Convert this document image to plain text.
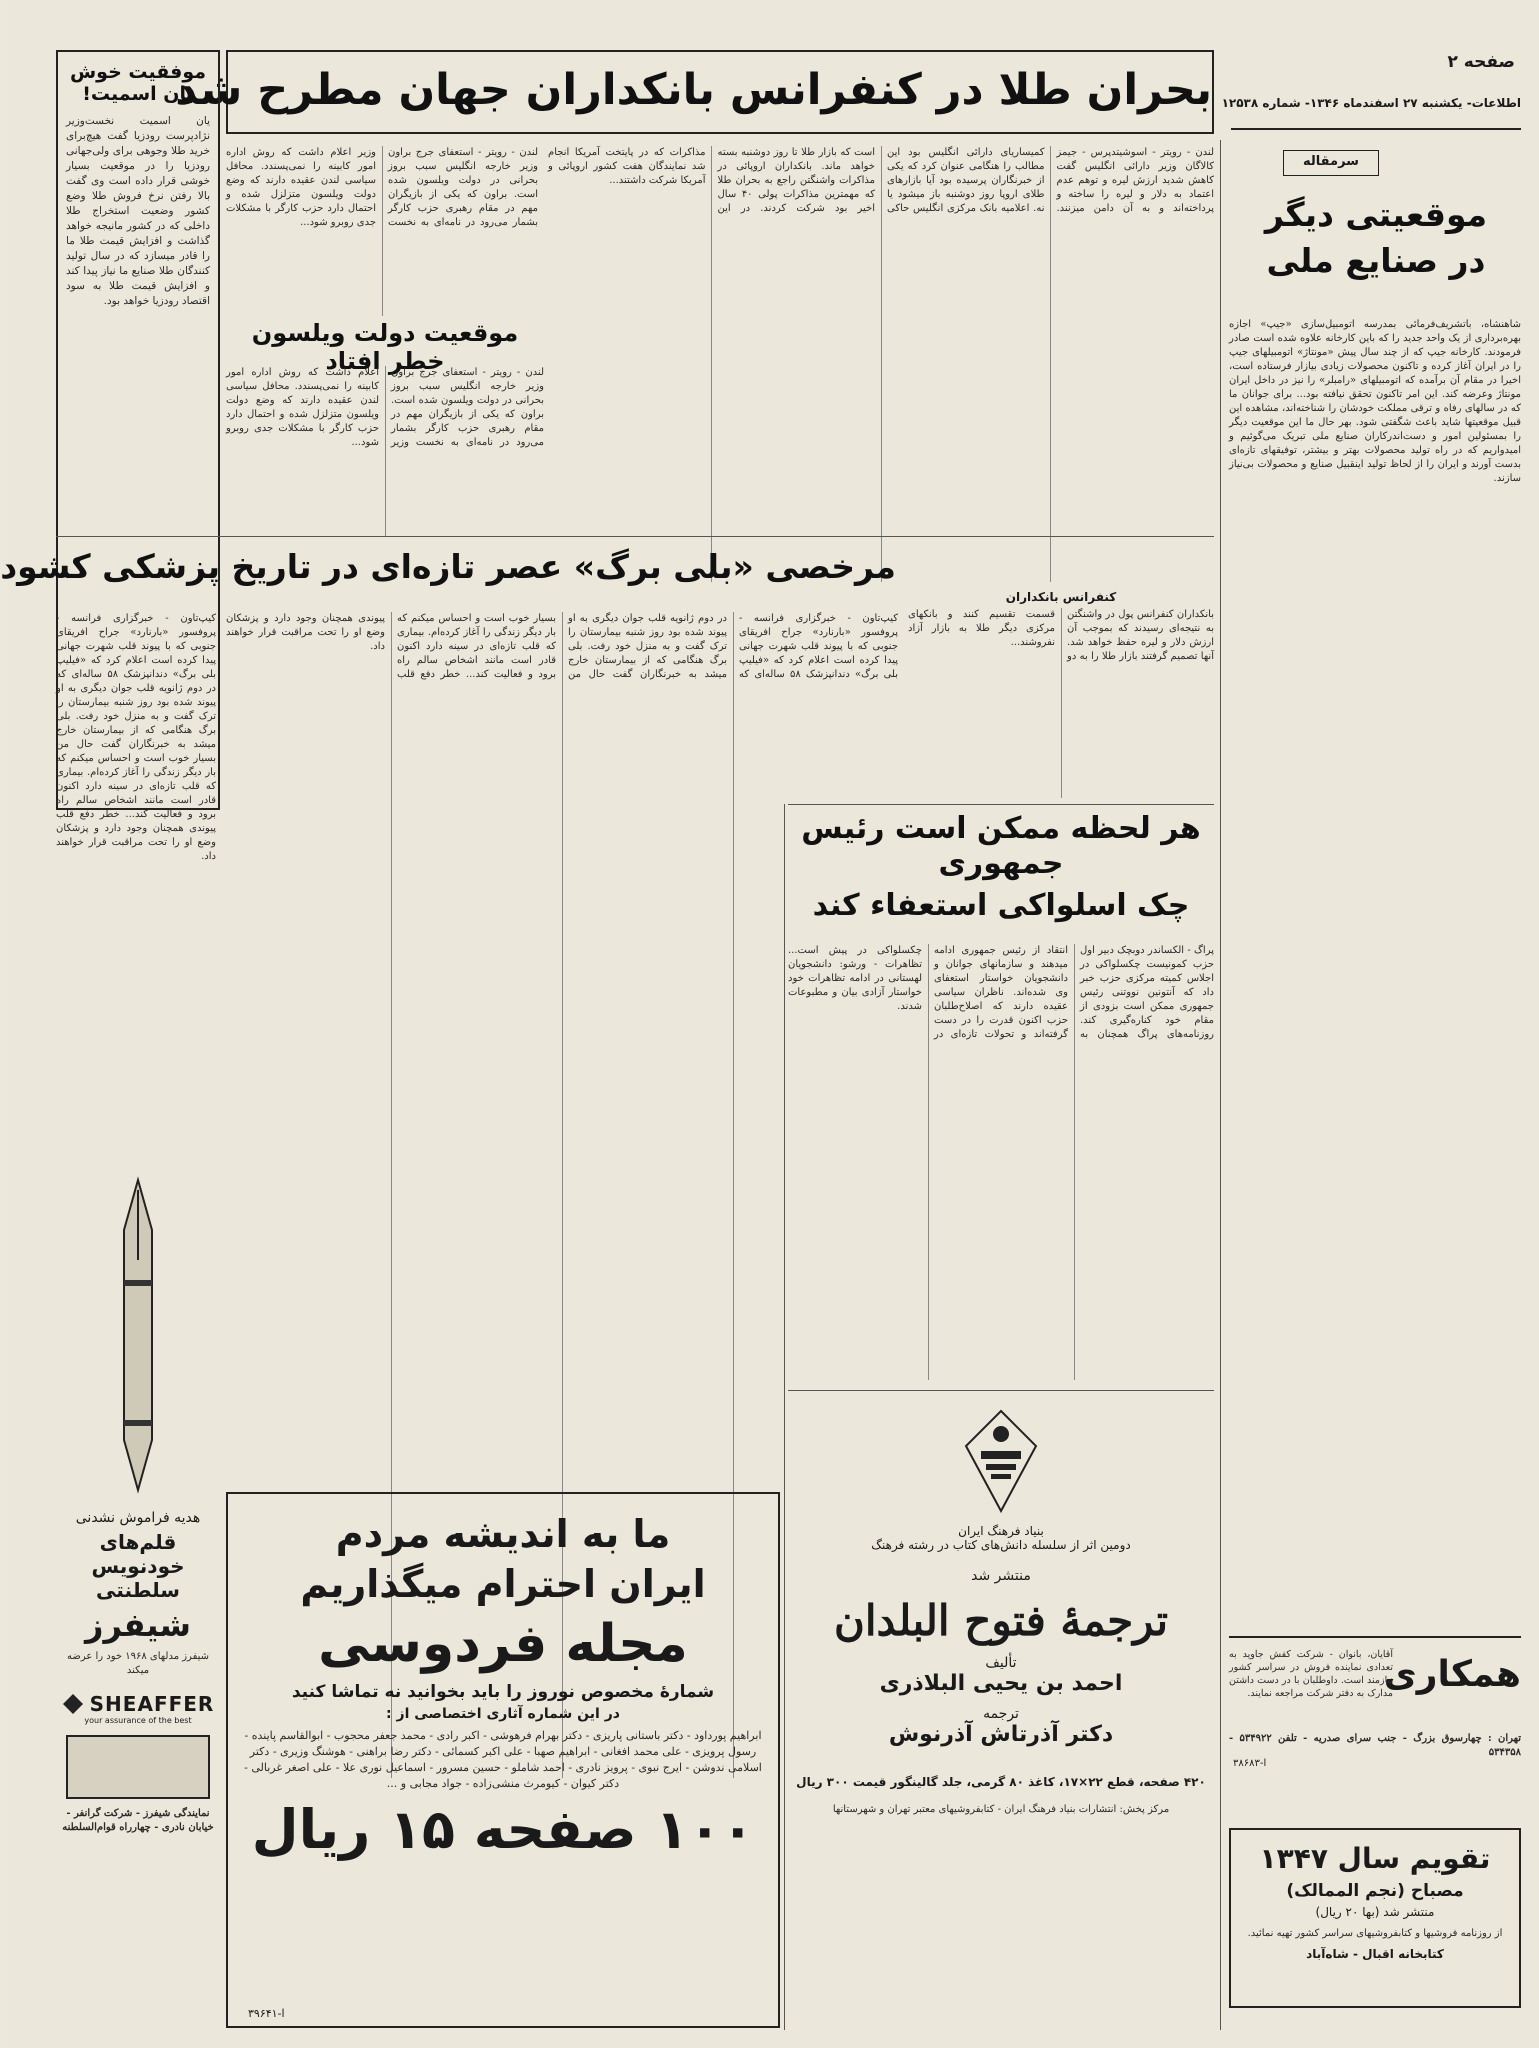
صفحه ۲
اطلاعات- یکشنبه ۲۷ اسفندماه ۱۳۴۶- شماره ۱۲۵۳۸
سرمقاله
موقعیتی دیگر
در صنایع ملی
شاهنشاه، باتشریف‌فرمائی بمدرسه اتومبیل‌سازی «جیپ» اجازه بهره‌برداری از یک واحد جدید را که باین کارخانه علاوه شده است صادر فرمودند. کارخانه جیپ که از چند سال پیش «مونتاژ» اتومبیلهای جیپ را در ایران آغاز کرده و تاکنون محصولات زیادی بیازار فرستاده است، اخیرا در مقام آن برآمده که اتومبیلهای «رامبلر» را نیز در داخل ایران مونتاژ وعرضه کند. این امر تاکنون تحقق نیافته بود... برای جوانان ما که در سالهای رفاه و ترقی مملکت خودشان را شناخته‌اند، مشاهده این قبیل موقعیتها شاید باعث شگفتی شود. بهر حال ما این موقعیت دیگر را بمسئولین امور و دست‌اندرکاران صنایع ملی تبریک می‌گوئیم و امیدواریم که در راه تولید محصولات بهتر و بیشتر، توفیقهای تازه‌ای بدست آورند و ایران را از لحاظ تولید اینقبیل صنایع و محصولات بی‌نیاز سازند.
همکاری
آقایان، بانوان - شرکت کفش جاوید به تعدادی نماینده فروش در سراسر کشور نیازمند است. داوطلبان با در دست داشتن مدارک به دفتر شرکت مراجعه نمایند.
تهران : چهارسوق بزرگ - جنب سرای صدریه - تلفن ۵۳۴۹۲۲ - ۵۳۴۳۵۸
ا-۳۸۶۸۳
تقویم سال ۱۳۴۷
مصباح (نجم الممالک)
منتشر شد (بها ۲۰ ریال)
از روزنامه فروشیها و کتابفروشیهای سراسر کشور تهیه نمائید.
کتابخانه اقبال - شاه‌آباد
بحران طلا در کنفرانس بانکداران جهان مطرح شد
موفقیت خوش
یان اسمیت!
یان اسمیت نخست‌وزیر نژادپرست رودزیا گفت هیچ‌برای خرید طلا وجوهی برای ولی‌جهانی رودزیا را در موقعیت بسیار خوشی قرار داده است وی گفت بالا رفتن نرخ فروش طلا وضع کشور وضعیت استخراج طلا داخلی که در کشور مانیجه خواهد گذاشت و افزایش قیمت طلا ما را قادر میسازد که در سال تولید کنندگان طلا صنایع ما نیاز پیدا کند و افزایش قیمت طلا به سود اقتصاد رودزیا خواهد بود.
لندن - رویتر - اسوشیتدپرس - جیمز کالاگان وزیر دارائی انگلیس گفت کاهش شدید ارزش لیره و توهم عدم اعتماد به دلار و لیره را ساخته و پرداخته‌اند و به آن دامن میزنند. کمیساریای دارائی انگلیس بود این مطالب را هنگامی عنوان کرد که یکی از خبرنگاران پرسیده بود آیا بازارهای طلای اروپا روز دوشنبه باز میشود یا نه. اعلامیه بانک مرکزی انگلیس حاکی است که بازار طلا تا روز دوشنبه بسته خواهد ماند. بانکداران اروپائی در مذاکرات واشنگتن راجع به بحران طلا که مهمترین مذاکرات پولی ۴۰ سال اخیر بود شرکت کردند. در این مذاکرات که در پایتخت آمریکا انجام شد نمایندگان هفت کشور اروپائی و آمریکا شرکت داشتند...
لندن - رویتر - استعفای جرج براون وزیر خارجه انگلیس سبب بروز بحرانی در دولت ویلسون شده است. براون که یکی از بازیگران مهم در مقام رهبری حزب کارگر بشمار می‌رود در نامه‌ای به نخست وزیر اعلام داشت که روش اداره امور کابینه را نمی‌پسندد. محافل سیاسی لندن عقیده دارند که وضع دولت ویلسون متزلزل شده و احتمال دارد حزب کارگر با مشکلات جدی روبرو شود...
موقعیت دولت ویلسون خطر افتاد
لندن - رویتر - استعفای جرج براون وزیر خارجه انگلیس سبب بروز بحرانی در دولت ویلسون شده است. براون که یکی از بازیگران مهم در مقام رهبری حزب کارگر بشمار می‌رود در نامه‌ای به نخست وزیر اعلام داشت که روش اداره امور کابینه را نمی‌پسندد. محافل سیاسی لندن عقیده دارند که وضع دولت ویلسون متزلزل شده و احتمال دارد حزب کارگر با مشکلات جدی روبرو شود...
مرخصی «بلی برگ» عصر تازه‌ای در تاریخ پزشکی کشود
کنفرانس بانکداران
بانکداران کنفرانس پول در واشنگتن به نتیجه‌ای رسیدند که بموجب آن ارزش دلار و لیره حفظ خواهد شد. آنها تصمیم گرفتند بازار طلا را به دو قسمت تقسیم کنند و بانکهای مرکزی دیگر طلا به بازار آزاد نفروشند...
کیپ‌تاون - خبرگزاری فرانسه - پروفسور «بارنارد» جراح افریقای جنوبی که با پیوند قلب شهرت جهانی پیدا کرده است اعلام کرد که «فیلیپ بلی برگ» دندانپزشک ۵۸ ساله‌ای که در دوم ژانویه قلب جوان دیگری به او پیوند شده بود روز شنبه بیمارستان را ترک گفت و به منزل خود رفت. بلی برگ هنگامی که از بیمارستان خارج میشد به خبرنگاران گفت حال من بسیار خوب است و احساس میکنم که بار دیگر زندگی را آغاز کرده‌ام. بیماری که قلب تازه‌ای در سینه دارد اکنون قادر است مانند اشخاص سالم راه برود و فعالیت کند... خطر دفع قلب پیوندی همچنان وجود دارد و پزشکان وضع او را تحت مراقبت قرار خواهند داد.
کیپ‌تاون - خبرگزاری فرانسه - پروفسور «بارنارد» جراح افریقای جنوبی که با پیوند قلب شهرت جهانی پیدا کرده است اعلام کرد که «فیلیپ بلی برگ» دندانپزشک ۵۸ ساله‌ای که در دوم ژانویه قلب جوان دیگری به او پیوند شده بود روز شنبه بیمارستان را ترک گفت و به منزل خود رفت. بلی برگ هنگامی که از بیمارستان خارج میشد به خبرنگاران گفت حال من بسیار خوب است و احساس میکنم که بار دیگر زندگی را آغاز کرده‌ام. بیماری که قلب تازه‌ای در سینه دارد اکنون قادر است مانند اشخاص سالم راه برود و فعالیت کند... خطر دفع قلب پیوندی همچنان وجود دارد و پزشکان وضع او را تحت مراقبت قرار خواهند داد.
هر لحظه ممکن است رئیس جمهوری
چک اسلواکی استعفاء کند
پراگ - الکساندر دوبچک دبیر اول حزب کمونیست چکسلواکی در اجلاس کمیته مرکزی حزب خبر داد که آنتونین نووتنی رئیس جمهوری ممکن است بزودی از مقام خود کناره‌گیری کند. روزنامه‌های پراگ همچنان به انتقاد از رئیس جمهوری ادامه میدهند و سازمانهای جوانان و دانشجویان خواستار استعفای وی شده‌اند. ناظران سیاسی عقیده دارند که اصلاح‌طلبان حزب اکنون قدرت را در دست گرفته‌اند و تحولات تازه‌ای در چکسلواکی در پیش است... تظاهرات - ورشو: دانشجویان لهستانی در ادامه تظاهرات خود خواستار آزادی بیان و مطبوعات شدند.
بنیاد فرهنگ ایران
دومین اثر از سلسله دانش‌های کتاب در رشته فرهنگ
منتشر شد
ترجمهٔ فتوح البلدان
تألیف
احمد بن یحیی البلاذری
ترجمه
دکتر آذرتاش آذرنوش
۴۲۰ صفحه، قطع ۲۲×۱۷، کاغذ ۸۰ گرمی، جلد گالینگور قیمت ۳۰۰ ریال
مرکز پخش: انتشارات بنیاد فرهنگ ایران - کتابفروشیهای معتبر تهران و شهرستانها
ما به اندیشه مردم
ایران احترام میگذاریم
مجله فردوسی
شمارهٔ مخصوص نوروز را باید بخوانید نه تماشا کنید
در این شماره آثاری اختصاصی از :
ابراهیم پورداود - دکتر باستانی پاریزی - دکتر بهرام فرهوشی - اکبر رادی - محمد جعفر محجوب - ابوالقاسم پاینده - رسول پرویزی - علی محمد افغانی - ابراهیم صهبا - علی اکبر کسمائی - دکتر رضا براهنی - هوشنگ وزیری - دکتر اسلامی ندوشن - ایرج نبوی - پرویز نادری - احمد شاملو - حسین مسرور - اسماعیل نوری علا - علی اصغر غربالی - دکتر کیوان - کیومرث منشی‌زاده - جواد مجابی و ...
۱۰۰ صفحه ۱۵ ریال
ا-۳۹۶۴۱
هدیه فراموش نشدنی
قلم‌های خودنویس سلطنتی
شیفرز
شیفرز مدلهای ۱۹۶۸ خود را عرضه میکند
SHEAFFER
your assurance of the best
نمایندگی شیفرز - شرکت گرانفر - خیابان نادری - چهارراه قوام‌السلطنه
